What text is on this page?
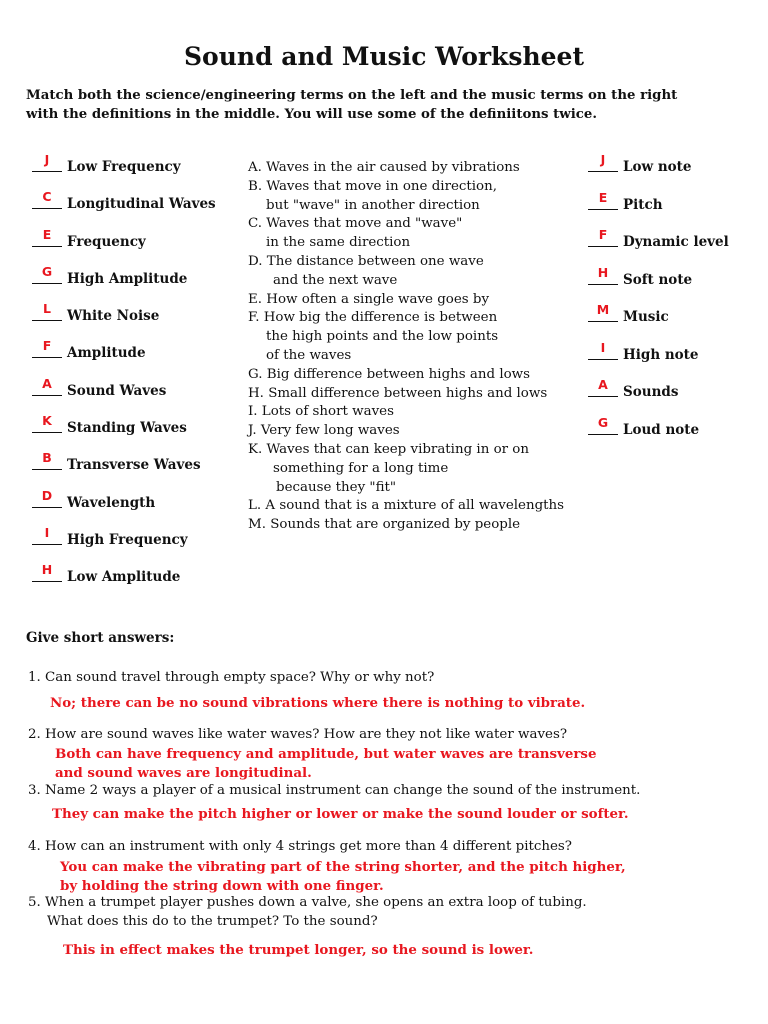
Sound and Music Worksheet
Match both the science/engineering terms on the left and the music terms on the right
with the definitions in the middle. You will use some of the definiitons twice.
J	Low Frequency
C	Longitudinal Waves
E	Frequency
G	High Amplitude
L	White Noise
F	Amplitude
A	Sound Waves
K	Standing Waves
B	Transverse Waves
D	Wavelength
I	High Frequency
H	Low Amplitude
A. Waves in the air caused by vibrations
B. Waves that move in one direction,
but "wave" in another direction
C. Waves that move and "wave"
in the same direction
D. The distance between one wave
and the next wave
E. How often a single wave goes by
F. How big the difference is between
the high points and the low points
of the waves
G. Big difference between highs and lows
H. Small difference between highs and lows
I. Lots of short waves
J. Very few long waves
K. Waves that can keep vibrating in or on
something for a long time
because they "fit"
L. A sound that is a mixture of all wavelengths
M. Sounds that are organized by people
J	Low note
E	Pitch
F	Dynamic level
H	Soft note
M	Music
I	High note
A	Sounds
G	Loud note
Give short answers:
1. Can sound travel through empty space? Why or why not?
No; there can be no sound vibrations where there is nothing to vibrate.
2. How are sound waves like water waves? How are they not like water waves?
Both can have frequency and amplitude, but water waves are transverse
and sound waves are longitudinal.
3. Name 2 ways a player of a musical instrument can change the sound of the instrument.
They can make the pitch higher or lower or make the sound louder or softer.
4. How can an instrument with only 4 strings get more than 4 different pitches?
You can make the vibrating part of the string shorter, and the pitch higher,
by holding the string down with one finger.
5. When a trumpet player pushes down a valve, she opens an extra loop of tubing.
What does this do to the trumpet? To the sound?
This in effect makes the trumpet longer, so the sound is lower.
